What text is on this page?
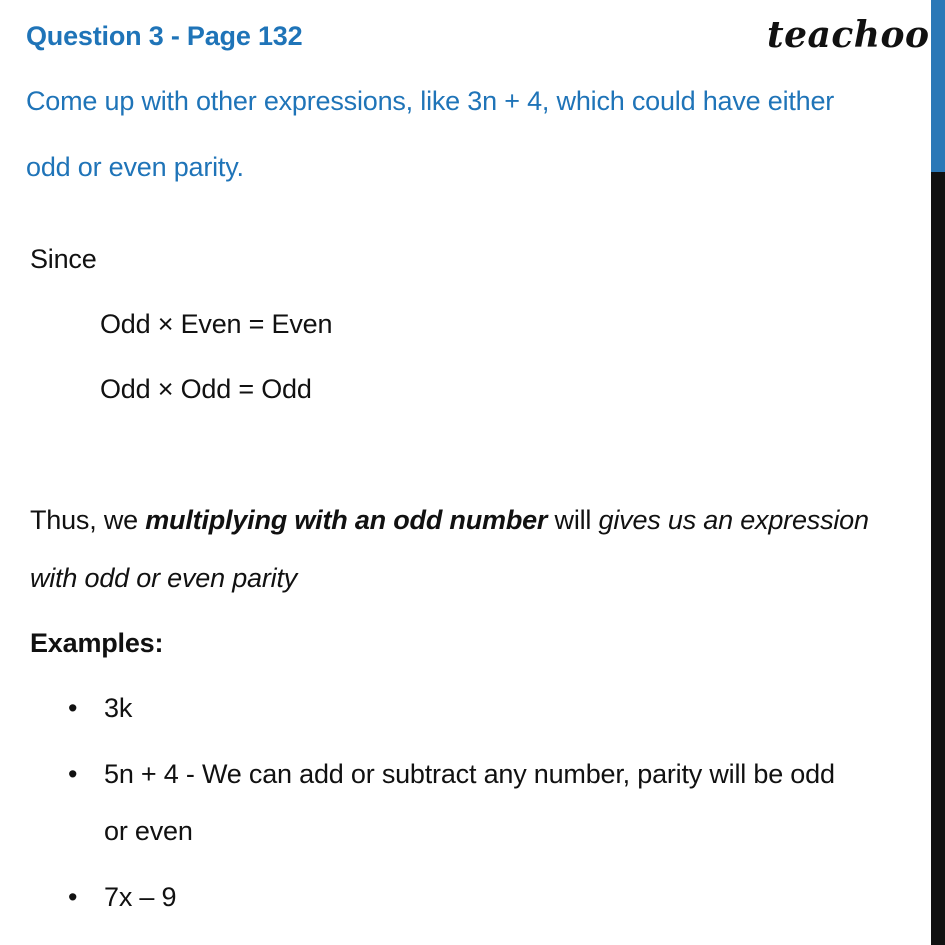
Question 3 - Page 132	teachoo
Come up with other expressions, like 3n + 4, which could have either
odd or even parity.
Since
Odd × Even = Even
Odd × Odd = Odd
Thus, we multiplying with an odd number will gives us an expression
with odd or even parity
Examples:
• 3k
• 5n + 4 - We can add or subtract any number, parity will be odd
or even
• 7x – 9
